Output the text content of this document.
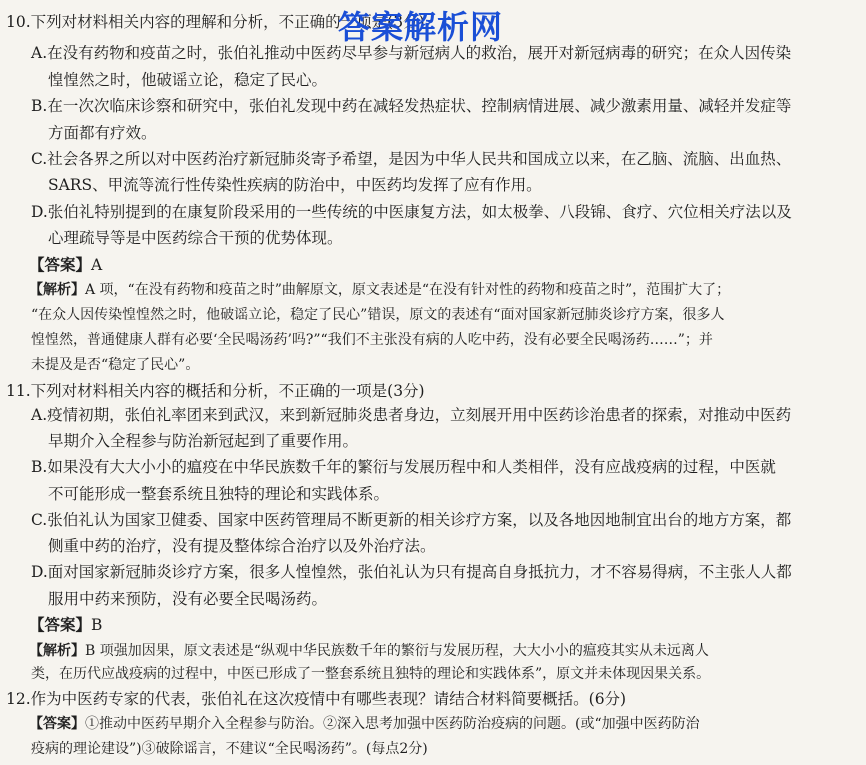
答案解析网
10.下列对材料相关内容的理解和分析，不正确的一项是(3分)
A.在没有药物和疫苗之时，张伯礼推动中医药尽早参与新冠病人的救治，展开对新冠病毒的研究；在众人因传染
惶惶然之时，他破谣立论，稳定了民心。
B.在一次次临床诊察和研究中，张伯礼发现中药在减轻发热症状、控制病情进展、减少激素用量、减轻并发症等
方面都有疗效。
C.社会各界之所以对中医药治疗新冠肺炎寄予希望，是因为中华人民共和国成立以来，在乙脑、流脑、出血热、
SARS、甲流等流行性传染性疾病的防治中，中医药均发挥了应有作用。
D.张伯礼特别提到的在康复阶段采用的一些传统的中医康复方法，如太极拳、八段锦、食疗、穴位相关疗法以及
心理疏导等是中医药综合干预的优势体现。
【答案】A
【解析】A 项，“在没有药物和疫苗之时”曲解原文，原文表述是“在没有针对性的药物和疫苗之时”，范围扩大了；
“在众人因传染惶惶然之时，他破谣立论，稳定了民心”错误，原文的表述有“面对国家新冠肺炎诊疗方案，很多人
惶惶然，普通健康人群有必要‘全民喝汤药’吗?”“我们不主张没有病的人吃中药，没有必要全民喝汤药……”；并
未提及是否“稳定了民心”。
11.下列对材料相关内容的概括和分析，不正确的一项是(3分)
A.疫情初期，张伯礼率团来到武汉，来到新冠肺炎患者身边，立刻展开用中医药诊治患者的探索，对推动中医药
早期介入全程参与防治新冠起到了重要作用。
B.如果没有大大小小的瘟疫在中华民族数千年的繁衍与发展历程中和人类相伴，没有应战疫病的过程，中医就
不可能形成一整套系统且独特的理论和实践体系。
C.张伯礼认为国家卫健委、国家中医药管理局不断更新的相关诊疗方案，以及各地因地制宜出台的地方方案，都
侧重中药的治疗，没有提及整体综合治疗以及外治疗法。
D.面对国家新冠肺炎诊疗方案，很多人惶惶然，张伯礼认为只有提高自身抵抗力，才不容易得病，不主张人人都
服用中药来预防，没有必要全民喝汤药。
【答案】B
【解析】B 项强加因果，原文表述是“纵观中华民族数千年的繁衍与发展历程，大大小小的瘟疫其实从未远离人
类，在历代应战疫病的过程中，中医已形成了一整套系统且独特的理论和实践体系”，原文并未体现因果关系。
12.作为中医药专家的代表，张伯礼在这次疫情中有哪些表现？请结合材料简要概括。(6分)
【答案】①推动中医药早期介入全程参与防治。②深入思考加强中医药防治疫病的问题。(或“加强中医药防治
疫病的理论建设”)③破除谣言，不建议“全民喝汤药”。(每点2分)
